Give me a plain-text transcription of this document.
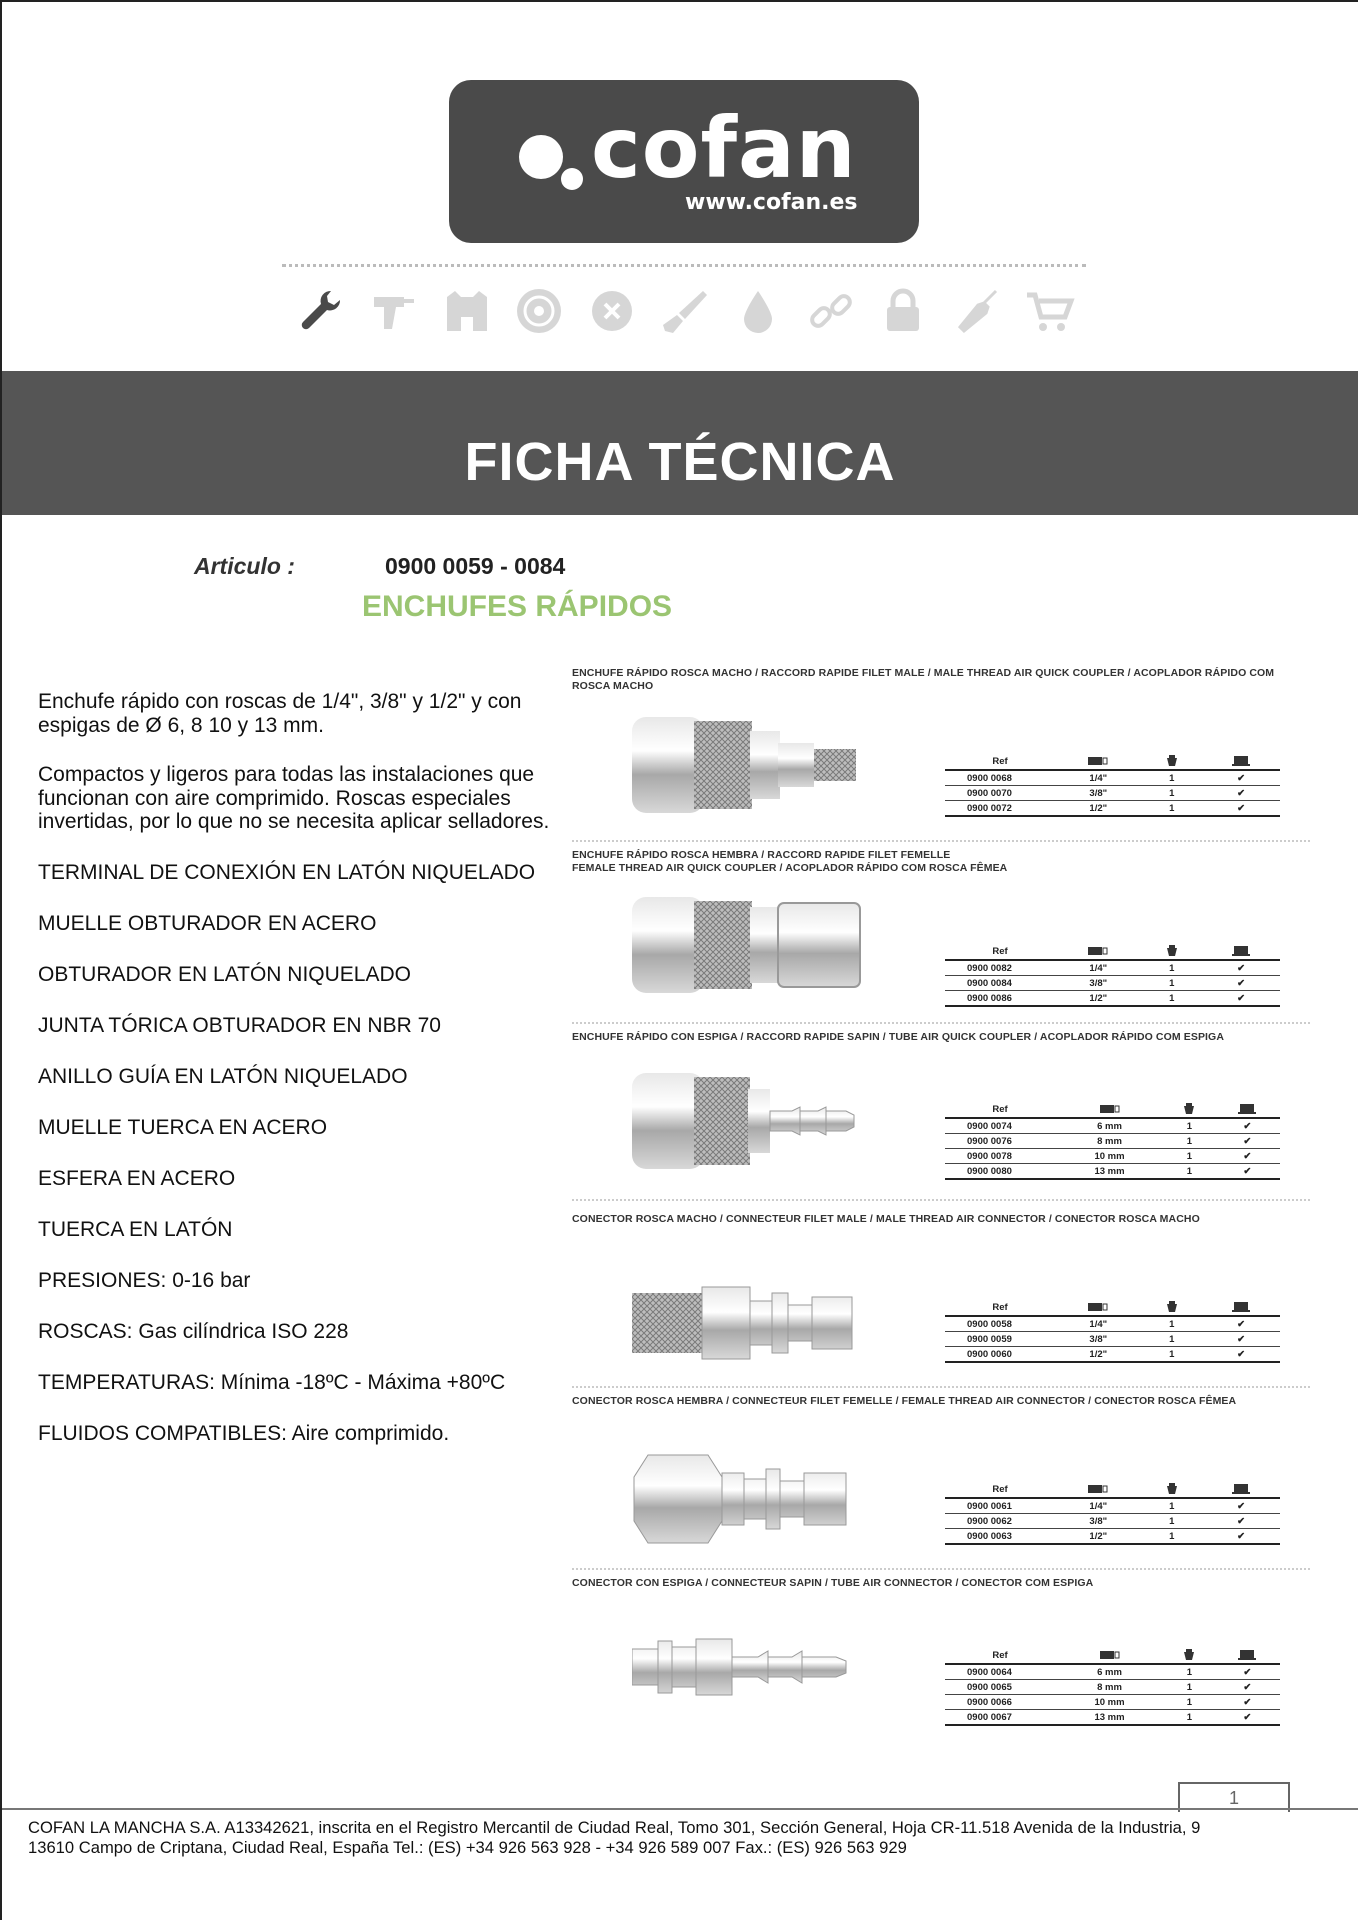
cofan
www.cofan.es
FICHA TÉCNICA
Articulo :	0900 0059 - 0084
ENCHUFES RÁPIDOS

Enchufe rápido con roscas de 1/4", 3/8" y 1/2" y con espigas de Ø 6, 8 10 y 13 mm.

Compactos y ligeros para todas las instalaciones que funcionan con aire comprimido. Roscas especiales invertidas, por lo que no se necesita aplicar selladores.

TERMINAL DE CONEXIÓN EN LATÓN NIQUELADO

MUELLE OBTURADOR EN ACERO

OBTURADOR EN LATÓN NIQUELADO

JUNTA TÓRICA OBTURADOR EN NBR 70

ANILLO GUÍA EN LATÓN NIQUELADO

MUELLE TUERCA EN ACERO

ESFERA EN ACERO

TUERCA EN LATÓN

PRESIONES: 0-16 bar

ROSCAS: Gas cilíndrica ISO 228

TEMPERATURAS: Mínima -18ºC - Máxima +80ºC

FLUIDOS COMPATIBLES: Aire comprimido.

ENCHUFE RÁPIDO ROSCA MACHO / RACCORD RAPIDE FILET MALE / MALE THREAD AIR QUICK COUPLER / ACOPLADOR RÁPIDO COM ROSCA MACHO
Ref			
0900 0068	1/4"	1	✔
0900 0070	3/8"	1	✔
0900 0072	1/2"	1	✔
ENCHUFE RÁPIDO ROSCA HEMBRA / RACCORD RAPIDE FILET FEMELLE
FEMALE THREAD AIR QUICK COUPLER / ACOPLADOR RÁPIDO COM ROSCA FÊMEA
Ref			
0900 0082	1/4"	1	✔
0900 0084	3/8"	1	✔
0900 0086	1/2"	1	✔
ENCHUFE RÁPIDO CON ESPIGA / RACCORD RAPIDE SAPIN / TUBE AIR QUICK COUPLER / ACOPLADOR RÁPIDO COM ESPIGA
Ref			
0900 0074	6 mm	1	✔
0900 0076	8 mm	1	✔
0900 0078	10 mm	1	✔
0900 0080	13 mm	1	✔
CONECTOR ROSCA MACHO / CONNECTEUR FILET MALE / MALE THREAD AIR CONNECTOR / CONECTOR ROSCA MACHO
Ref			
0900 0058	1/4"	1	✔
0900 0059	3/8"	1	✔
0900 0060	1/2"	1	✔
CONECTOR ROSCA HEMBRA / CONNECTEUR FILET FEMELLE / FEMALE THREAD AIR CONNECTOR / CONECTOR ROSCA FÊMEA
Ref			
0900 0061	1/4"	1	✔
0900 0062	3/8"	1	✔
0900 0063	1/2"	1	✔
CONECTOR CON ESPIGA / CONNECTEUR SAPIN / TUBE AIR CONNECTOR / CONECTOR COM ESPIGA
Ref			
0900 0064	6 mm	1	✔
0900 0065	8 mm	1	✔
0900 0066	10 mm	1	✔
0900 0067	13 mm	1	✔
1
COFAN LA MANCHA S.A. A13342621, inscrita en el Registro Mercantil de Ciudad Real, Tomo 301, Sección General, Hoja CR-11.518 Avenida de la Industria, 9
13610 Campo de Criptana, Ciudad Real, España Tel.: (ES) +34 926 563 928 - +34 926 589 007 Fax.: (ES) 926 563 929
